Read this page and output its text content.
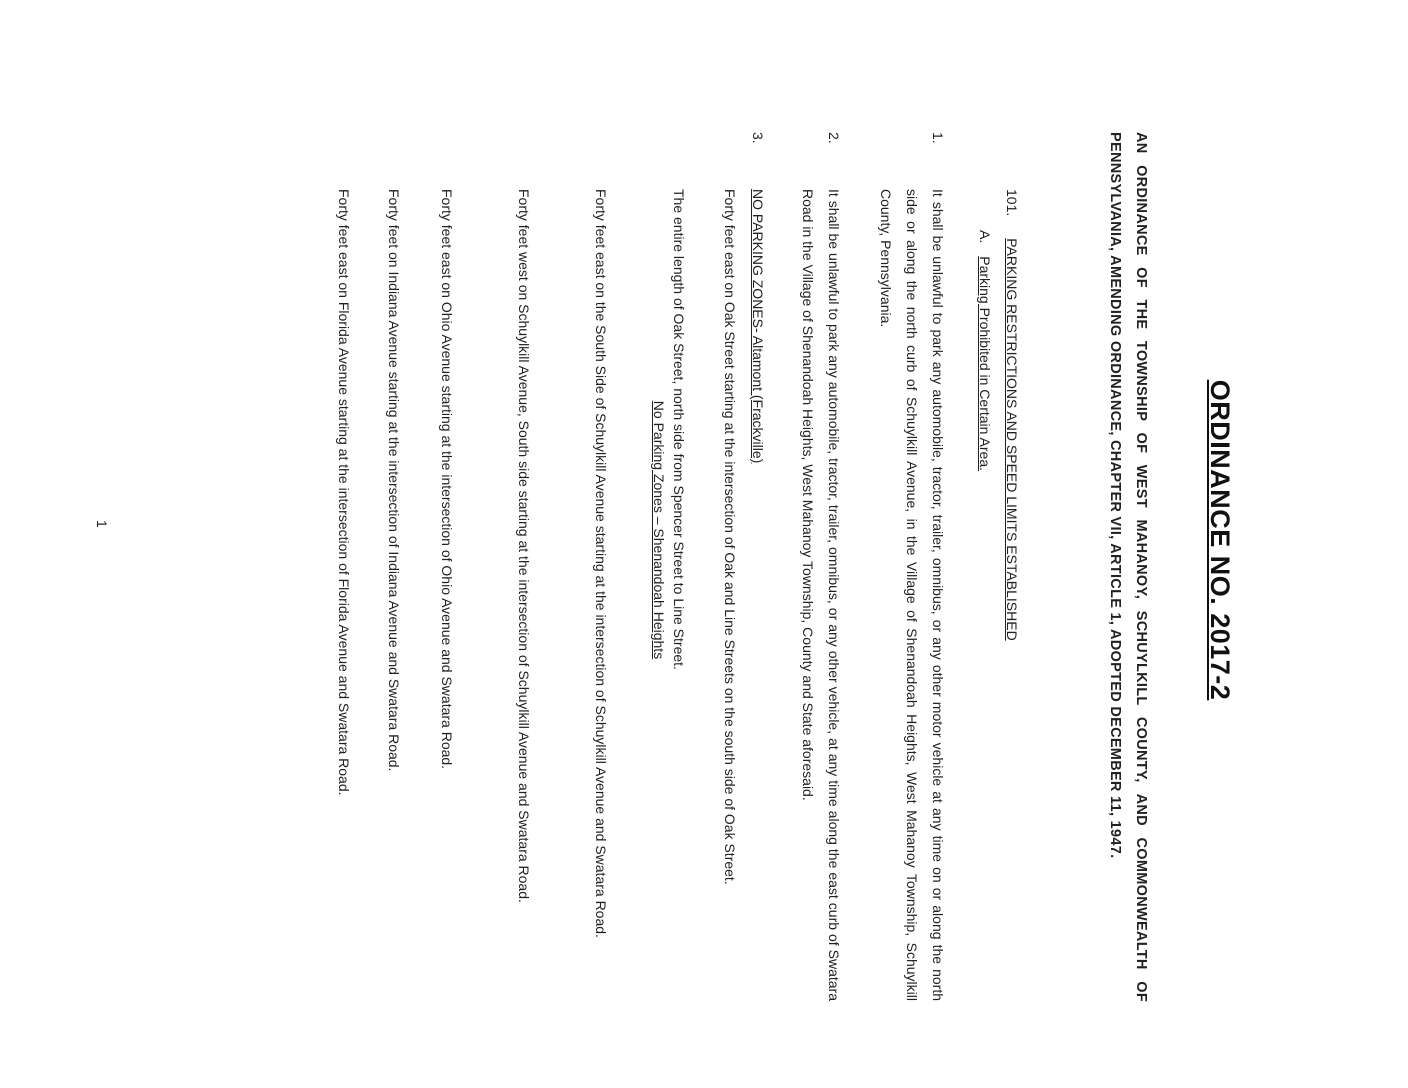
ORDINANCE NO. 2017-2
AN ORDINANCE OF THE TOWNSHIP OF WEST MAHANOY, SCHUYLKILL COUNTY, AND COMMONWEALTH OF PENNSYLVANIA, AMENDING ORDINANCE, CHAPTER VII, ARTICLE 1, ADOPTED DECEMBER 11, 1947.
101.
PARKING RESTRICTIONS AND SPEED LIMITS ESTABLISHED
A.
Parking Prohibited in Certain Area.
1.
It shall be unlawful to park any automobile, tractor, trailer, omnibus, or any other motor vehicle at any time on or along the north side or along the north curb of Schuylkill Avenue, in the Village of Shenandoah Heights, West Mahanoy Township, Schuylkill County, Pennsylvania.
2.
It shall be unlawful to park any automobile, tractor, trailer, omnibus, or any other vehicle, at any time along the east curb of Swatara Road in the Village of Shenandoah Heights, West Mahanoy Township, County and State aforesaid.
3.
NO PARKING ZONES- Altamont (Frackville)
Forty feet east on Oak Street starting at the intersection of Oak and Line Streets on the south side of Oak Street.
The entire length of Oak Street, north side from Spencer Street to Line Street.
No Parking Zones – Shenandoah Heights
Forty feet east on the South Side of Schuylkill Avenue starting at the intersection of Schuylkill Avenue and Swatara Road.
Forty feet west on Schuylkill Avenue, South side starting at the intersection of Schuylkill Avenue and Swatara Road.
Forty feet east on Ohio Avenue starting at the intersection of Ohio Avenue and Swatara Road.
Forty feet on Indiana Avenue starting at the intersection of Indiana Avenue and Swatara Road.
Forty feet east on Florida Avenue starting at the intersection of Florida Avenue and Swatara Road.
1
